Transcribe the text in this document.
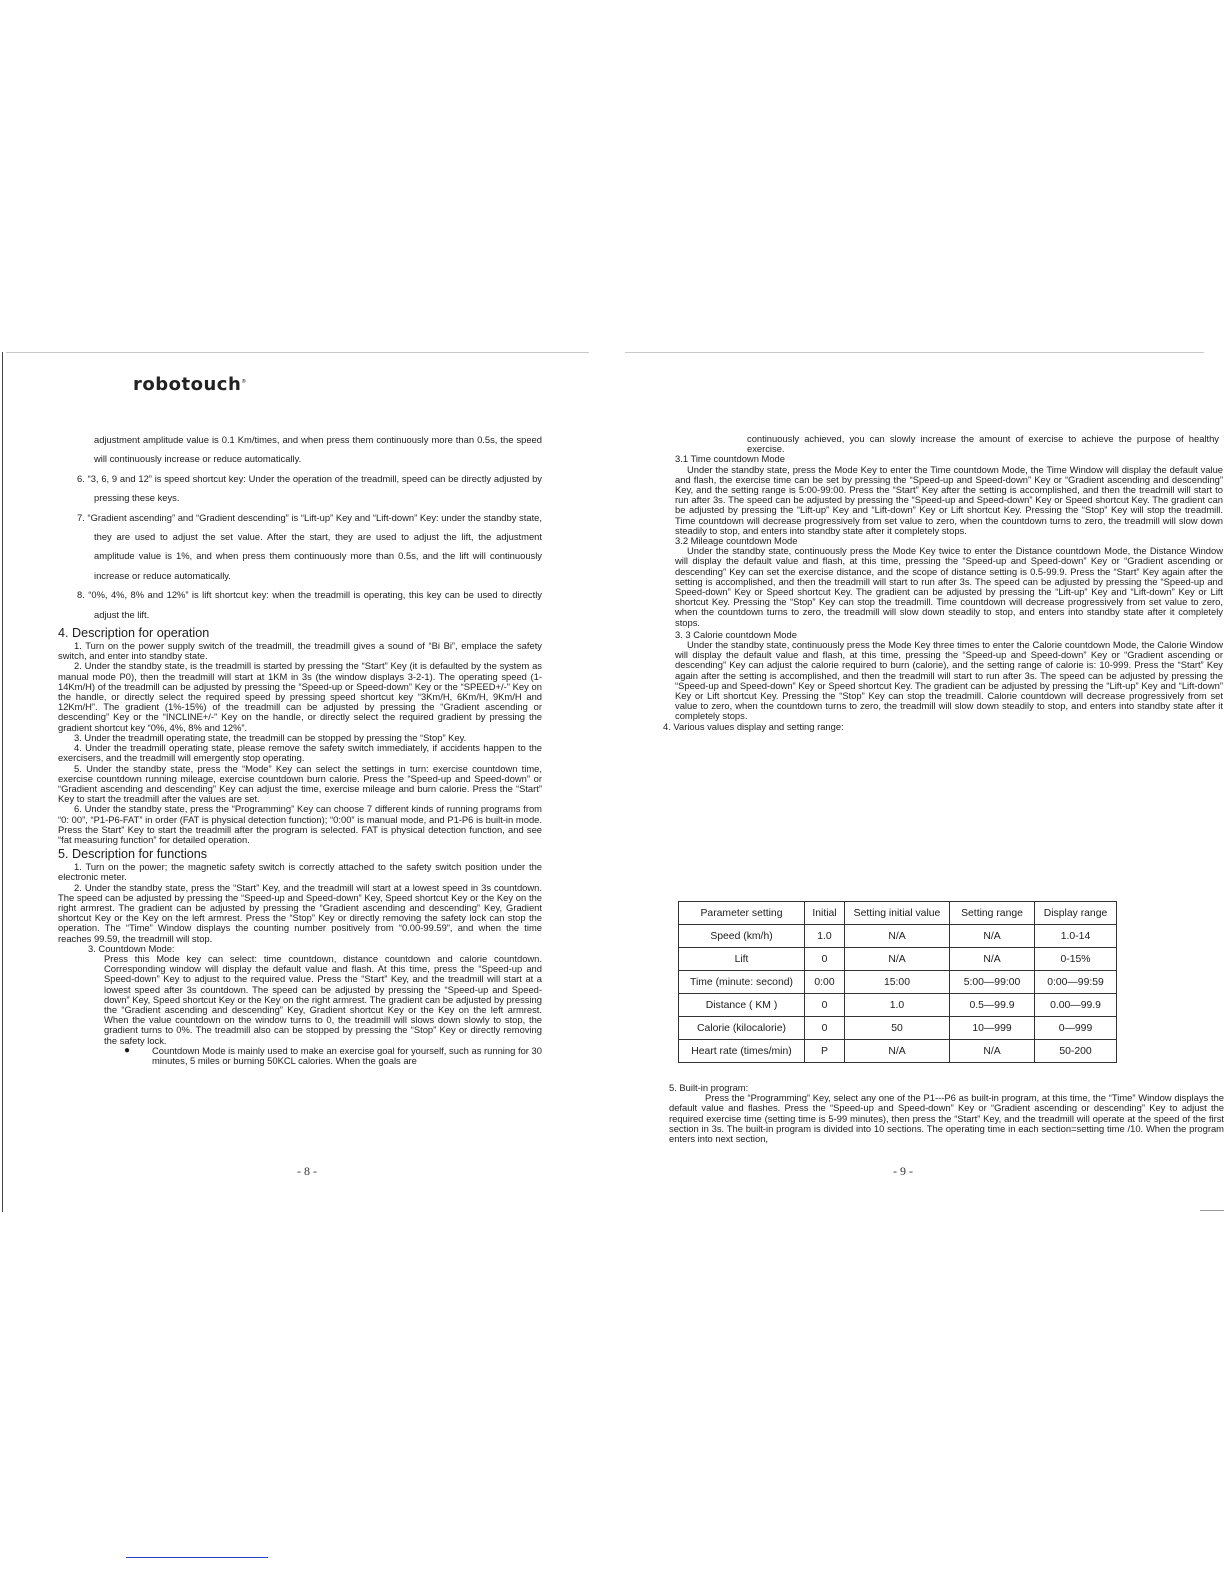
robotouch®

adjustment amplitude value is 0.1 Km/times, and when press them continuously more than 0.5s, the speed will continuously increase or reduce automatically.

6. “3, 6, 9 and 12” is speed shortcut key: Under the operation of the treadmill, speed can be directly adjusted by pressing these keys.

7. “Gradient ascending” and “Gradient descending” is “Lift-up” Key and “Lift-down” Key: under the standby state, they are used to adjust the set value. After the start, they are used to adjust the lift, the adjustment amplitude value is 1%, and when press them continuously more than 0.5s, and the lift will continuously increase or reduce automatically.

8. “0%, 4%, 8% and 12%” is lift shortcut key: when the treadmill is operating, this key can be used to directly adjust the lift.

4. Description for operation

1. Turn on the power supply switch of the treadmill, the treadmill gives a sound of “Bi Bi”, emplace the safety switch, and enter into standby state.

2. Under the standby state, is the treadmill is started by pressing the “Start” Key (it is defaulted by the system as manual mode P0), then the treadmill will start at 1KM in 3s (the window displays 3-2-1). The operating speed (1-14Km/H) of the treadmill can be adjusted by pressing the “Speed-up or Speed-down” Key or the “SPEED+/-” Key on the handle, or directly select the required speed by pressing speed shortcut key “3Km/H, 6Km/H, 9Km/H and 12Km/H”. The gradient (1%-15%) of the treadmill can be adjusted by pressing the “Gradient ascending or descending” Key or the “INCLINE+/-” Key on the handle, or directly select the required gradient by pressing the gradient shortcut key “0%, 4%, 8% and 12%”.

3. Under the treadmill operating state, the treadmill can be stopped by pressing the “Stop” Key.

4. Under the treadmill operating state, please remove the safety switch immediately, if accidents happen to the exercisers, and the treadmill will emergently stop operating.

5. Under the standby state, press the “Mode” Key can select the settings in turn: exercise countdown time, exercise countdown running mileage, exercise countdown burn calorie. Press the “Speed-up and Speed-down” or “Gradient ascending and descending” Key can adjust the time, exercise mileage and burn calorie. Press the “Start” Key to start the treadmill after the values are set.

6. Under the standby state, press the “Programming” Key can choose 7 different kinds of running programs from “0: 00”, “P1-P6-FAT” in order (FAT is physical detection function); “0:00” is manual mode, and P1-P6 is built-in mode. Press the Start” Key to start the treadmill after the program is selected. FAT is physical detection function, and see “fat measuring function” for detailed operation.

5. Description for functions

1. Turn on the power; the magnetic safety switch is correctly attached to the safety switch position under the electronic meter.

2. Under the standby state, press the “Start” Key, and the treadmill will start at a lowest speed in 3s countdown. The speed can be adjusted by pressing the “Speed-up and Speed-down” Key, Speed shortcut Key or the Key on the right armrest. The gradient can be adjusted by pressing the “Gradient ascending and descending” Key, Gradient shortcut Key or the Key on the left armrest. Press the “Stop” Key or directly removing the safety lock can stop the operation. The “Time” Window displays the counting number positively from “0.00-99.59”, and when the time reaches 99.59, the treadmill will stop.

3. Countdown Mode:

Press this Mode key can select: time countdown, distance countdown and calorie countdown. Corresponding window will display the default value and flash. At this time, press the “Speed-up and Speed-down” Key to adjust to the required value. Press the “Start” Key, and the treadmill will start at a lowest speed after 3s countdown. The speed can be adjusted by pressing the “Speed-up and Speed-down” Key, Speed shortcut Key or the Key on the right armrest. The gradient can be adjusted by pressing the “Gradient ascending and descending” Key, Gradient shortcut Key or the Key on the left armrest. When the value countdown on the window turns to 0, the treadmill will slows down slowly to stop, the gradient turns to 0%. The treadmill also can be stopped by pressing the “Stop” Key or directly removing the safety lock.

● Countdown Mode is mainly used to make an exercise goal for yourself, such as running for 30 minutes, 5 miles or burning 50KCL calories. When the goals are

- 8 -

continuously achieved, you can slowly increase the amount of exercise to achieve the purpose of healthy exercise.

3.1 Time countdown Mode

Under the standby state, press the Mode Key to enter the Time countdown Mode, the Time Window will display the default value and flash, the exercise time can be set by pressing the “Speed-up and Speed-down” Key or “Gradient ascending and descending” Key, and the setting range is 5:00-99:00. Press the “Start” Key after the setting is accomplished, and then the treadmill will start to run after 3s. The speed can be adjusted by pressing the “Speed-up and Speed-down” Key or Speed shortcut Key. The gradient can be adjusted by pressing the “Lift-up” Key and “Lift-down” Key or Lift shortcut Key. Pressing the “Stop” Key will stop the treadmill. Time countdown will decrease progressively from set value to zero, when the countdown turns to zero, the treadmill will slow down steadily to stop, and enters into standby state after it completely stops.

3.2 Mileage countdown Mode

Under the standby state, continuously press the Mode Key twice to enter the Distance countdown Mode, the Distance Window will display the default value and flash, at this time, pressing the “Speed-up and Speed-down” Key or “Gradient ascending or descending” Key can set the exercise distance, and the scope of distance setting is 0.5-99.9. Press the “Start” Key again after the setting is accomplished, and then the treadmill will start to run after 3s. The speed can be adjusted by pressing the “Speed-up and Speed-down” Key or Speed shortcut Key. The gradient can be adjusted by pressing the “Lift-up” Key and “Lift-down” Key or Lift shortcut Key. Pressing the “Stop” Key can stop the treadmill. Time countdown will decrease progressively from set value to zero, when the countdown turns to zero, the treadmill will slow down steadily to stop, and enters into standby state after it completely stops.

3. 3 Calorie countdown Mode

Under the standby state, continuously press the Mode Key three times to enter the Calorie countdown Mode, the Calorie Window will display the default value and flash, at this time, pressing the “Speed-up and Speed-down” Key or “Gradient ascending or descending” Key can adjust the calorie required to burn (calorie), and the setting range of calorie is: 10-999. Press the “Start” Key again after the setting is accomplished, and then the treadmill will start to run after 3s. The speed can be adjusted by pressing the “Speed-up and Speed-down” Key or Speed shortcut Key. The gradient can be adjusted by pressing the “Lift-up” Key and “Lift-down” Key or Lift shortcut Key. Pressing the “Stop” Key can stop the treadmill. Calorie countdown will decrease progressively from set value to zero, when the countdown turns to zero, the treadmill will slow down steadily to stop, and enters into standby state after it completely stops.

4. Various values display and setting range:

Parameter setting	Initial	Setting initial value	Setting range	Display range
Speed (km/h)	1.0	N/A	N/A	1.0-14
Lift	0	N/A	N/A	0-15%
Time (minute: second)	0:00	15:00	5:00—99:00	0:00—99:59
Distance ( KM )	0	1.0	0.5—99.9	0.00—99.9
Calorie (kilocalorie)	0	50	10—999	0—999
Heart rate (times/min)	P	N/A	N/A	50-200

5. Built-in program:

Press the “Programming” Key, select any one of the P1---P6 as built-in program, at this time, the “Time” Window displays the default value and flashes. Press the “Speed-up and Speed-down” Key or “Gradient ascending or descending” Key to adjust the required exercise time (setting time is 5-99 minutes), then press the “Start” Key, and the treadmill will operate at the speed of the first section in 3s. The built-in program is divided into 10 sections. The operating time in each section=setting time /10. When the program enters into next section,

- 9 -
